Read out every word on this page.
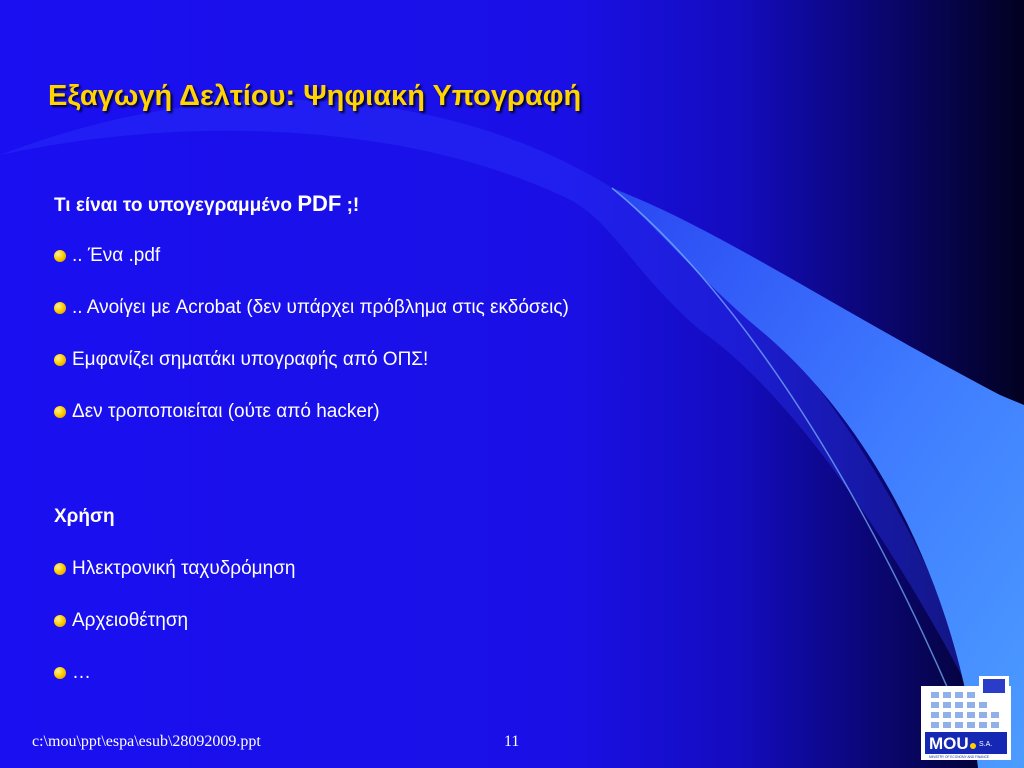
Εξαγωγή Δελτίου: Ψηφιακή Υπογραφή
Τι είναι το υπογεγραμμένο PDF ;!
.. Ένα .pdf
.. Ανοίγει με Acrobat (δεν υπάρχει πρόβλημα στις εκδόσεις)
Εμφανίζει σηματάκι υπογραφής από ΟΠΣ!
Δεν τροποποιείται (ούτε από hacker)
Χρήση
Ηλεκτρονική ταχυδρόμηση
Αρχειοθέτηση
…
c:\mou\ppt\espa\esub\28092009.ppt	11	MOU S.A.
MINISTRY OF ECONOMY AND FINANCE
